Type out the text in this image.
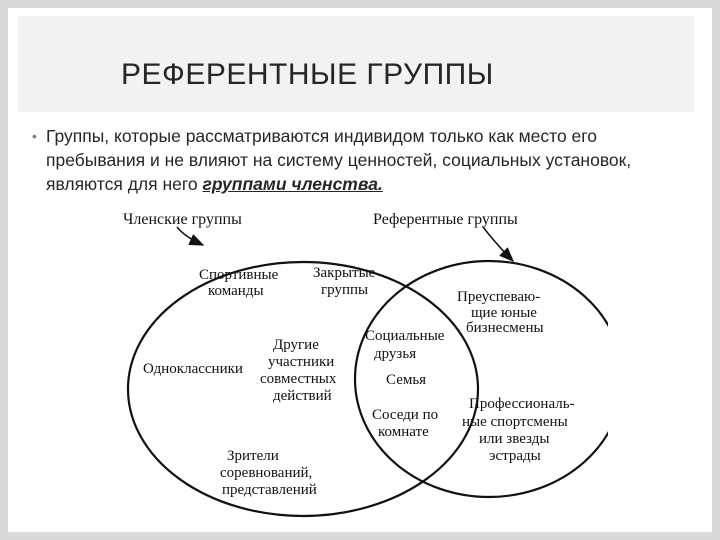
РЕФЕРЕНТНЫЕ ГРУППЫ
• Группы, которые рассматриваются индивидом только как место его пребывания и не влияют на систему ценностей, социальных установок, являются для него группами членства.
Членские группы	Референтные группы
Спортивные
команды
Одноклассники
Зрители
соревнований,
представлений
Закрытые
группы
Другие
участники
совместных
действий
Социальные
друзья
Семья
Соседи по
комнате
Преуспеваю-
щие юные
бизнесмены
Профессиональ-
ные спортсмены
или звезды
эстрады
